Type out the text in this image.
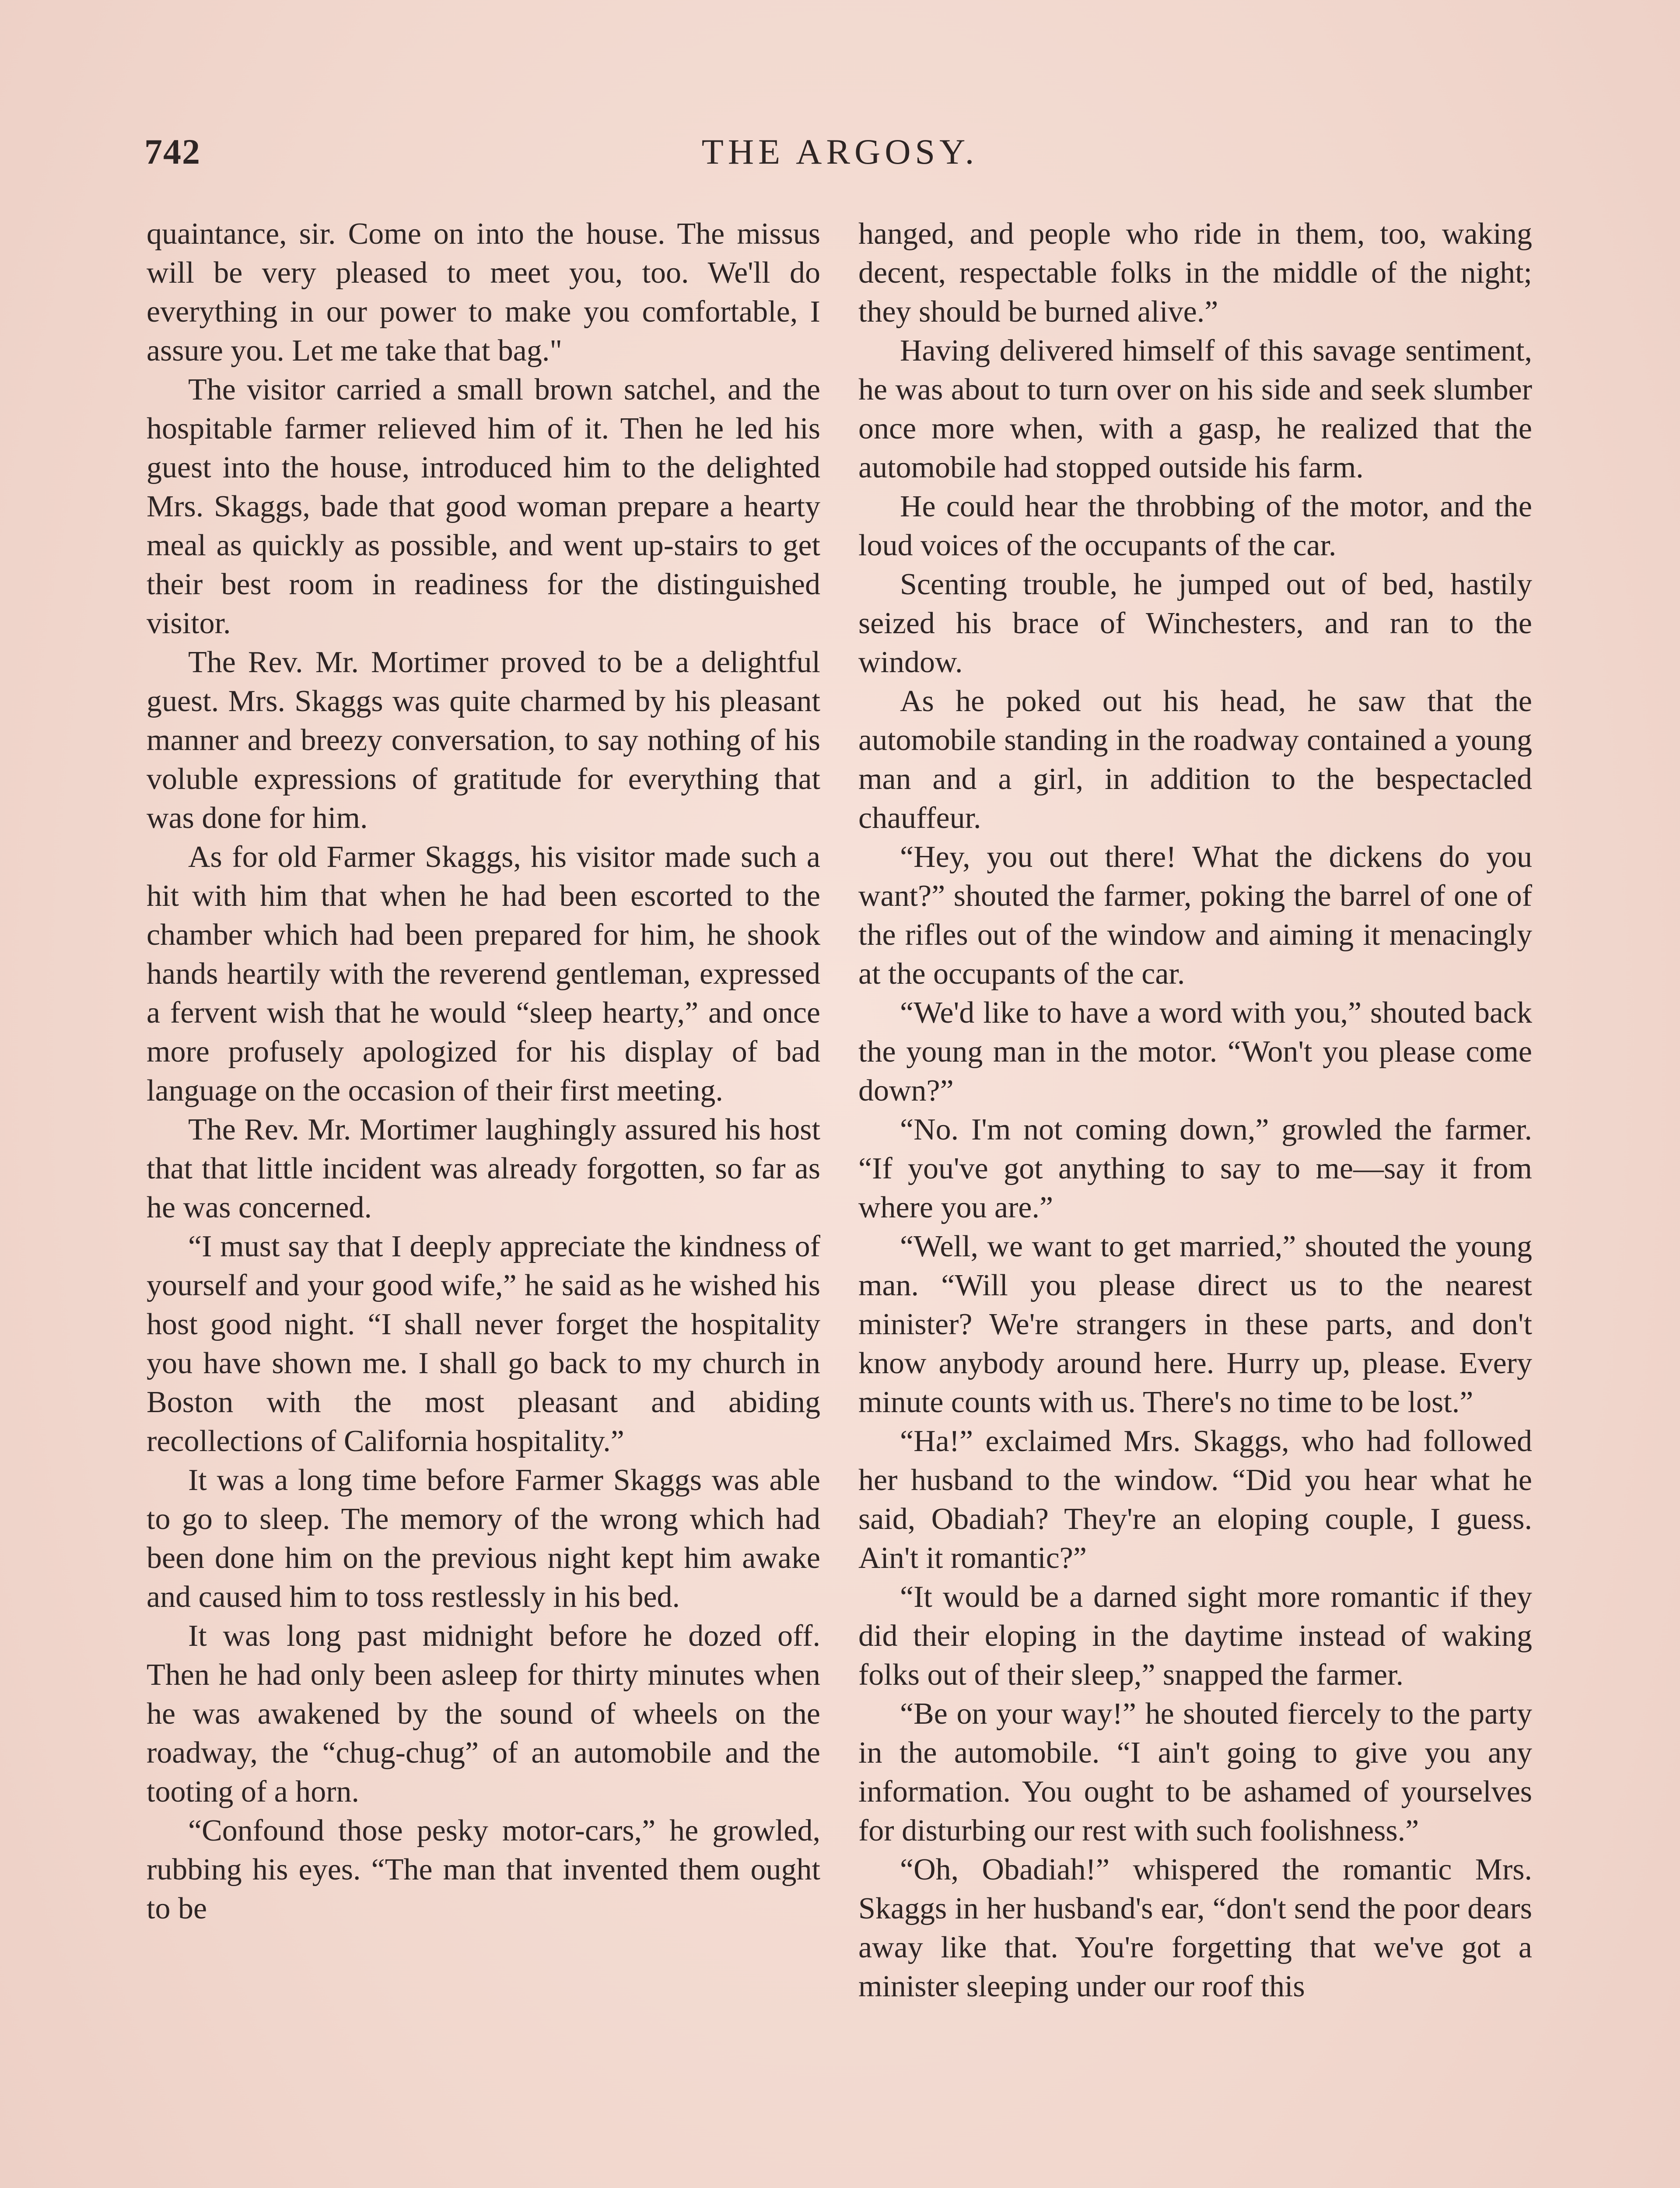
742	THE ARGOSY.

quaintance, sir. Come on into the house. The missus will be very pleased to meet you, too. We'll do everything in our power to make you comfortable, I assure you. Let me take that bag."

The visitor carried a small brown satchel, and the hospitable farmer relieved him of it. Then he led his guest into the house, introduced him to the delighted Mrs. Skaggs, bade that good woman prepare a hearty meal as quickly as possible, and went up-stairs to get their best room in readiness for the distinguished visitor.

The Rev. Mr. Mortimer proved to be a delightful guest. Mrs. Skaggs was quite charmed by his pleasant manner and breezy conversation, to say nothing of his voluble expressions of gratitude for everything that was done for him.

As for old Farmer Skaggs, his visitor made such a hit with him that when he had been escorted to the chamber which had been prepared for him, he shook hands heartily with the reverend gentleman, expressed a fervent wish that he would “sleep hearty,” and once more profusely apologized for his display of bad language on the occasion of their first meeting.

The Rev. Mr. Mortimer laughingly assured his host that that little incident was already forgotten, so far as he was concerned.

“I must say that I deeply appreciate the kindness of yourself and your good wife,” he said as he wished his host good night. “I shall never forget the hospitality you have shown me. I shall go back to my church in Boston with the most pleasant and abiding recollections of California hospitality.”

It was a long time before Farmer Skaggs was able to go to sleep. The memory of the wrong which had been done him on the previous night kept him awake and caused him to toss restlessly in his bed.

It was long past midnight before he dozed off. Then he had only been asleep for thirty minutes when he was awakened by the sound of wheels on the roadway, the “chug-chug” of an automobile and the tooting of a horn.

“Confound those pesky motor-cars,” he growled, rubbing his eyes. “The man that invented them ought to be

hanged, and people who ride in them, too, waking decent, respectable folks in the middle of the night; they should be burned alive.”

Having delivered himself of this savage sentiment, he was about to turn over on his side and seek slumber once more when, with a gasp, he realized that the automobile had stopped outside his farm.

He could hear the throbbing of the motor, and the loud voices of the occupants of the car.

Scenting trouble, he jumped out of bed, hastily seized his brace of Winchesters, and ran to the window.

As he poked out his head, he saw that the automobile standing in the roadway contained a young man and a girl, in addition to the bespectacled chauffeur.

“Hey, you out there! What the dickens do you want?” shouted the farmer, poking the barrel of one of the rifles out of the window and aiming it menacingly at the occupants of the car.

“We'd like to have a word with you,” shouted back the young man in the motor. “Won't you please come down?”

“No. I'm not coming down,” growled the farmer. “If you've got anything to say to me—say it from where you are.”

“Well, we want to get married,” shouted the young man. “Will you please direct us to the nearest minister? We're strangers in these parts, and don't know anybody around here. Hurry up, please. Every minute counts with us. There's no time to be lost.”

“Ha!” exclaimed Mrs. Skaggs, who had followed her husband to the window. “Did you hear what he said, Obadiah? They're an eloping couple, I guess. Ain't it romantic?”

“It would be a darned sight more romantic if they did their eloping in the daytime instead of waking folks out of their sleep,” snapped the farmer.

“Be on your way!” he shouted fiercely to the party in the automobile. “I ain't going to give you any information. You ought to be ashamed of yourselves for disturbing our rest with such foolishness.”

“Oh, Obadiah!” whispered the romantic Mrs. Skaggs in her husband's ear, “don't send the poor dears away like that. You're forgetting that we've got a minister sleeping under our roof this
